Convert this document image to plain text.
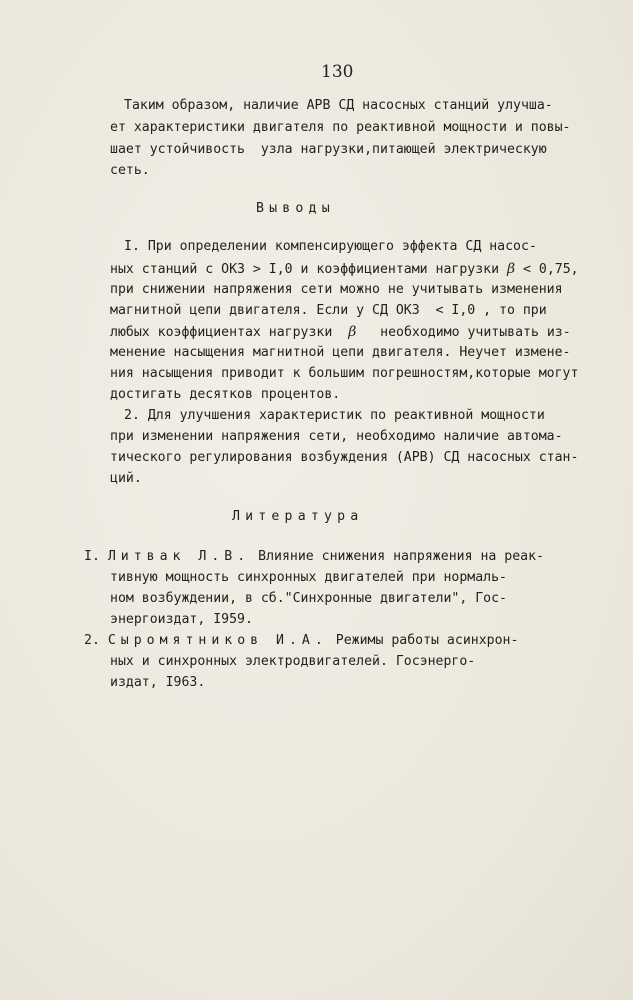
130
Таким образом, наличие АРВ СД насосных станций улучша-
ет характеристики двигателя по реактивной мощности и повы-
шает устойчивость  узла нагрузки,питающей электрическую
сеть.
Выводы
I. При определении компенсирующего эффекта СД насос-
ных станций с ОКЗ > I,0 и коэффициентами нагрузки β < 0,75,
при снижении напряжения сети можно не учитывать изменения
магнитной цепи двигателя. Если у СД ОКЗ  < I,0 , то при
любых коэффициентах нагрузки β необходимо учитывать из-
менение насыщения магнитной цепи двигателя. Неучет измене-
ния насыщения приводит к большим погрешностям,которые могут
достигать десятков процентов.
2. Для улучшения характеристик по реактивной мощности
при изменении напряжения сети, необходимо наличие автома-
тического регулирования возбуждения (АРВ) СД насосных стан-
ций.
Литература
I. Литвак Л.В. Влияние снижения напряжения на реак-
тивную мощность синхронных двигателей при нормаль-
ном возбуждении, в сб."Синхронные двигатели", Гос-
энергоиздат, I959.
2. Сыромятников И.А. Режимы работы асинхрон-
ных и синхронных электродвигателей. Госэнерго-
издат, I963.
